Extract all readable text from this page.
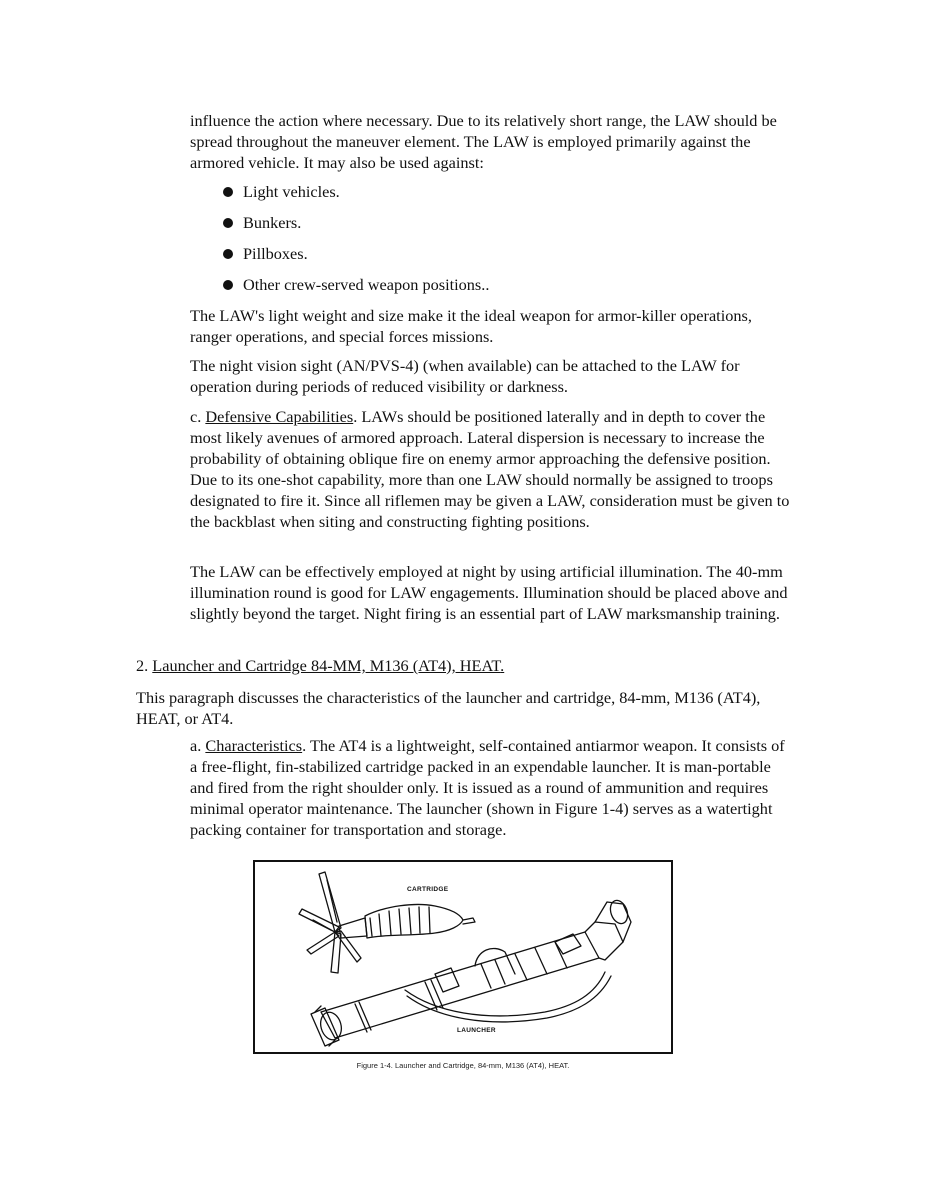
influence the action where necessary. Due to its relatively short range, the LAW should be spread throughout the maneuver element. The LAW is employed primarily against the armored vehicle. It may also be used against:

Light vehicles.
Bunkers.
Pillboxes.
Other crew-served weapon positions..

The LAW's light weight and size make it the ideal weapon for armor-killer operations, ranger operations, and special forces missions.

The night vision sight (AN/PVS-4) (when available) can be attached to the LAW for operation during periods of reduced visibility or darkness.

c. Defensive Capabilities. LAWs should be positioned laterally and in depth to cover the most likely avenues of armored approach. Lateral dispersion is necessary to increase the probability of obtaining oblique fire on enemy armor approaching the defensive position. Due to its one-shot capability, more than one LAW should normally be assigned to troops designated to fire it. Since all riflemen may be given a LAW, consideration must be given to the backblast when siting and constructing fighting positions.

The LAW can be effectively employed at night by using artificial illumination. The 40-mm illumination round is good for LAW engagements. Illumination should be placed above and slightly beyond the target. Night firing is an essential part of LAW marksmanship training.

2. Launcher and Cartridge 84-MM, M136 (AT4), HEAT.

This paragraph discusses the characteristics of the launcher and cartridge, 84-mm, M136 (AT4), HEAT, or AT4.

a. Characteristics. The AT4 is a lightweight, self-contained antiarmor weapon. It consists of a free-flight, fin-stabilized cartridge packed in an expendable launcher. It is man-portable and fired from the right shoulder only. It is issued as a round of ammunition and requires minimal operator maintenance. The launcher (shown in Figure 1-4) serves as a watertight packing container for transportation and storage.

CARTRIDGE
LAUNCHER
Figure 1-4. Launcher and Cartridge, 84-mm, M136 (AT4), HEAT.
